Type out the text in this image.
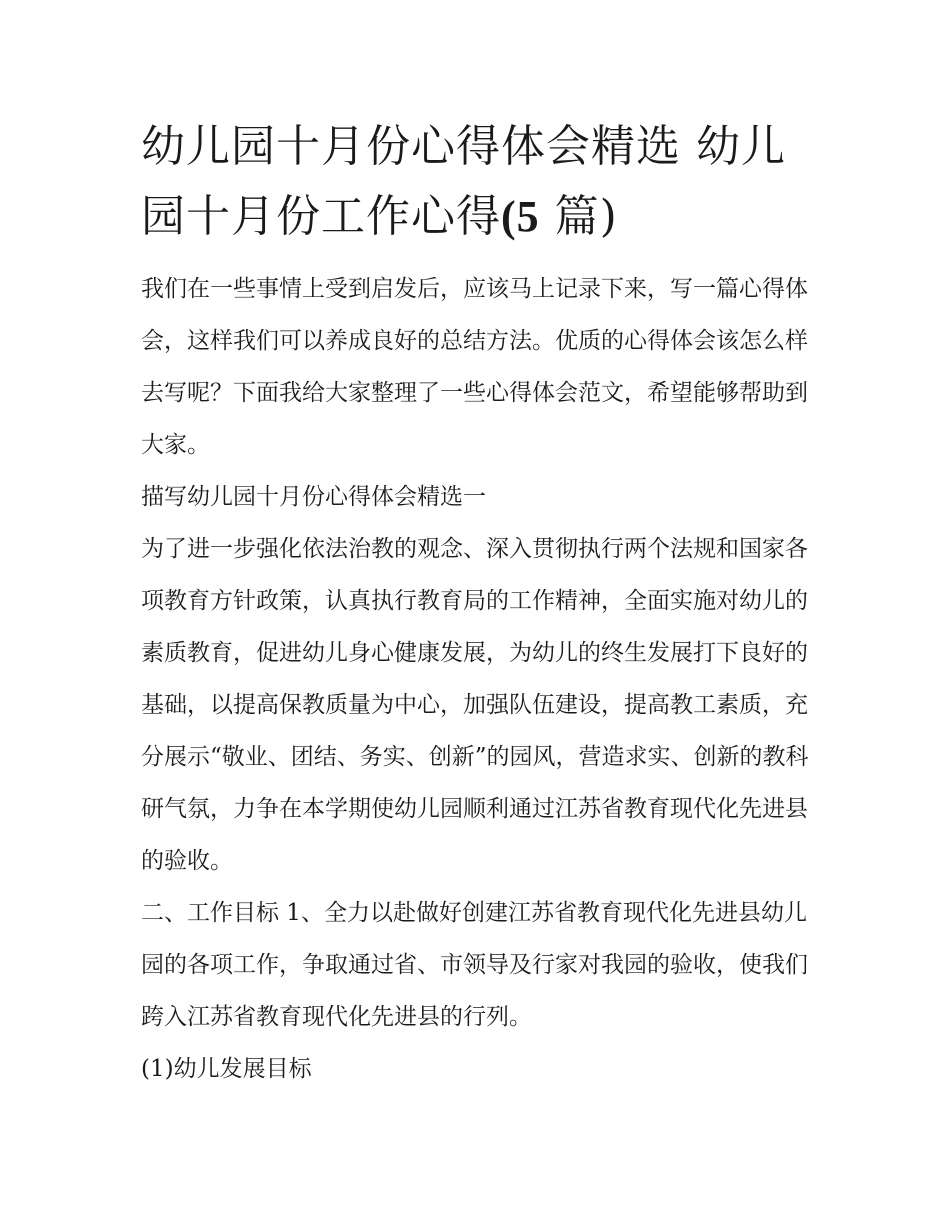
幼儿园十月份心得体会精选 幼儿园十月份工作心得(5 篇)

我们在一些事情上受到启发后，应该马上记录下来，写一篇心得体会，这样我们可以养成良好的总结方法。优质的心得体会该怎么样去写呢？下面我给大家整理了一些心得体会范文，希望能够帮助到大家。

描写幼儿园十月份心得体会精选一

为了进一步强化依法治教的观念、深入贯彻执行两个法规和国家各项教育方针政策，认真执行教育局的工作精神，全面实施对幼儿的素质教育，促进幼儿身心健康发展，为幼儿的终生发展打下良好的基础，以提高保教质量为中心，加强队伍建设，提高教工素质，充分展示“敬业、团结、务实、创新”的园风，营造求实、创新的教科研气氛，力争在本学期使幼儿园顺利通过江苏省教育现代化先进县的验收。

二、工作目标 1、全力以赴做好创建江苏省教育现代化先进县幼儿园的各项工作，争取通过省、市领导及行家对我园的验收，使我们跨入江苏省教育现代化先进县的行列。

(1)幼儿发展目标
